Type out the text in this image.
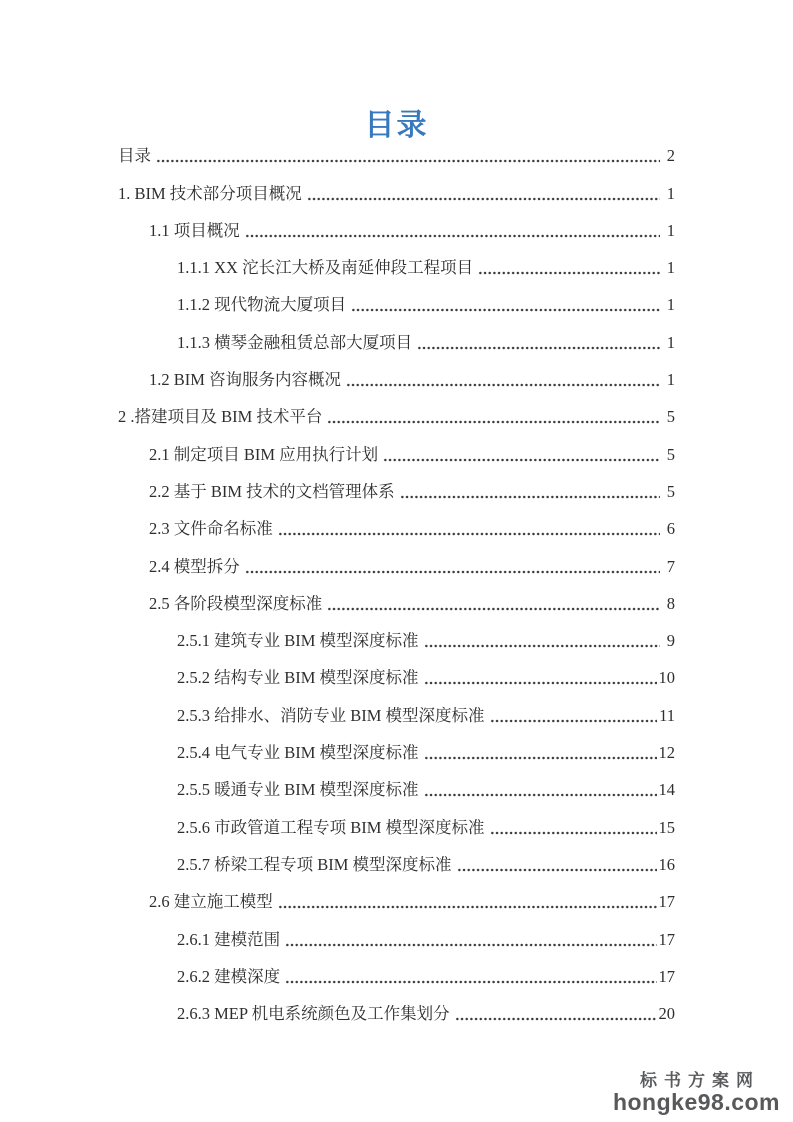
目录
目录	2
1. BIM 技术部分项目概况	1
1.1 项目概况	1
1.1.1 XX 沱长江大桥及南延伸段工程项目	1
1.1.2 现代物流大厦项目	1
1.1.3 横琴金融租赁总部大厦项目	1
1.2 BIM 咨询服务内容概况	1
2 .搭建项目及 BIM 技术平台	5
2.1 制定项目 BIM 应用执行计划	5
2.2 基于 BIM 技术的文档管理体系	5
2.3 文件命名标准	6
2.4 模型拆分	7
2.5 各阶段模型深度标准	8
2.5.1 建筑专业 BIM 模型深度标准	9
2.5.2 结构专业 BIM 模型深度标准	10
2.5.3 给排水、消防专业 BIM 模型深度标准	11
2.5.4 电气专业 BIM 模型深度标准	12
2.5.5 暖通专业 BIM 模型深度标准	14
2.5.6 市政管道工程专项 BIM 模型深度标准	15
2.5.7 桥梁工程专项 BIM 模型深度标准	16
2.6 建立施工模型	17
2.6.1 建模范围	17
2.6.2 建模深度	17
2.6.3 MEP 机电系统颜色及工作集划分	20
标书方案网
hongke98.com
